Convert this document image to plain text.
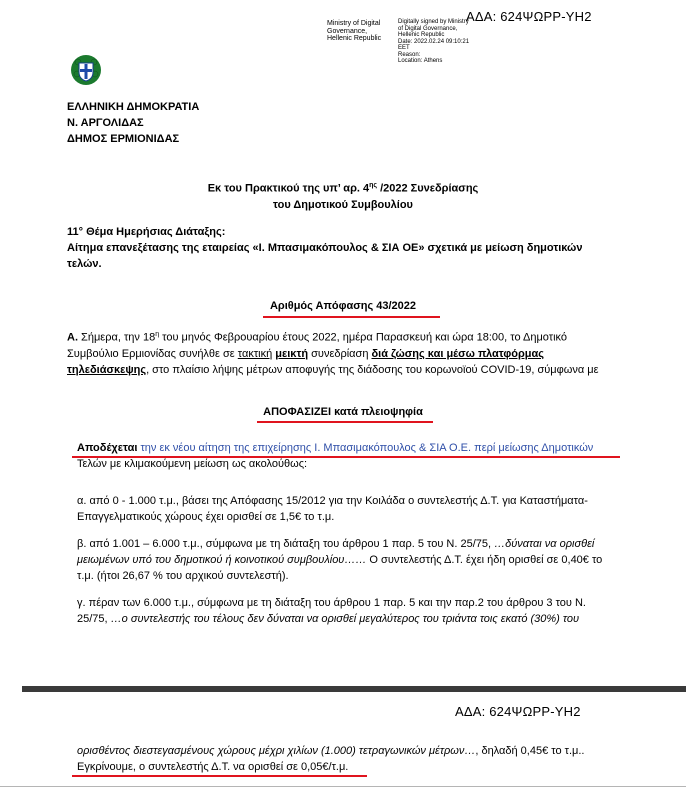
Ministry of Digital
Governance,
Hellenic Republic
Digitally signed by Ministry
of Digital Governance,
Hellenic Republic
Date: 2022.02.24 09:10:21
EET
Reason:
Location: Athens
ΑΔΑ: 624ΨΩΡΡ-ΥΗ2
ΕΛΛΗΝΙΚΗ ΔΗΜΟΚΡΑΤΙΑ
Ν. ΑΡΓΟΛΙΔΑΣ
ΔΗΜΟΣ ΕΡΜΙΟΝΙΔΑΣ
Εκ του Πρακτικού της υπ’ αρ. $4^{\eta\varsigma}$ /2022 Συνεδρίασης
του Δημοτικού Συμβουλίου
11° Θέμα Ημερήσιας Διάταξης:
Αίτημα επανεξέτασης της εταιρείας «Ι. Μπασιμακόπουλος & ΣΙΑ ΟΕ» σχετικά με μείωση δημοτικών
τελών.
Αριθμός Απόφασης 43/2022
Α. Σήμερα, την $18^\eta$ του μηνός Φεβρουαρίου έτους 2022, ημέρα Παρασκευή και ώρα 18:00, το Δημοτικό
Συμβούλιο Ερμιονίδας συνήλθε σε τακτική μεικτή συνεδρίαση διά ζώσης και μέσω πλατφόρμας
τηλεδιάσκεψης, στο πλαίσιο λήψης μέτρων αποφυγής της διάδοσης του κορωνοϊού COVID-19, σύμφωνα με
ΑΠΟΦΑΣΙΖΕΙ κατά πλειοψηφία
Αποδέχεται την εκ νέου αίτηση της επιχείρησης Ι. Μπασιμακόπουλος & ΣΙΑ Ο.Ε. περί μείωσης Δημοτικών
Τελών με κλιμακούμενη μείωση ως ακολούθως:
α. από 0 - 1.000 τ.μ., βάσει της Απόφασης 15/2012 για την Κοιλάδα ο συντελεστής Δ.Τ. για Καταστήματα-
Επαγγελματικούς χώρους έχει ορισθεί σε 1,5€ το τ.μ.
β. από 1.001 – 6.000 τ.μ., σύμφωνα με τη διάταξη του άρθρου 1 παρ. 5 του Ν. 25/75, …δύναται να ορισθεί
μειωμένων υπό του δημοτικού ή κοινοτικού συμβουλίου…… Ο συντελεστής Δ.Τ. έχει ήδη ορισθεί σε 0,40€ το
τ.μ. (ήτοι 26,67 % του αρχικού συντελεστή).
γ. πέραν των 6.000 τ.μ., σύμφωνα με τη διάταξη του άρθρου 1 παρ. 5 και την παρ.2 του άρθρου 3 του Ν.
25/75, …ο συντελεστής του τέλους δεν δύναται να ορισθεί μεγαλύτερος του τριάντα τοις εκατό (30%) του
ΑΔΑ: 624ΨΩΡΡ-ΥΗ2
ορισθέντος διεστεγασμένους χώρους μέχρι χιλίων (1.000) τετραγωνικών μέτρων…, δηλαδή 0,45€ το τ.μ..
Εγκρίνουμε, ο συντελεστής Δ.Τ. να ορισθεί σε 0,05€/τ.μ.
